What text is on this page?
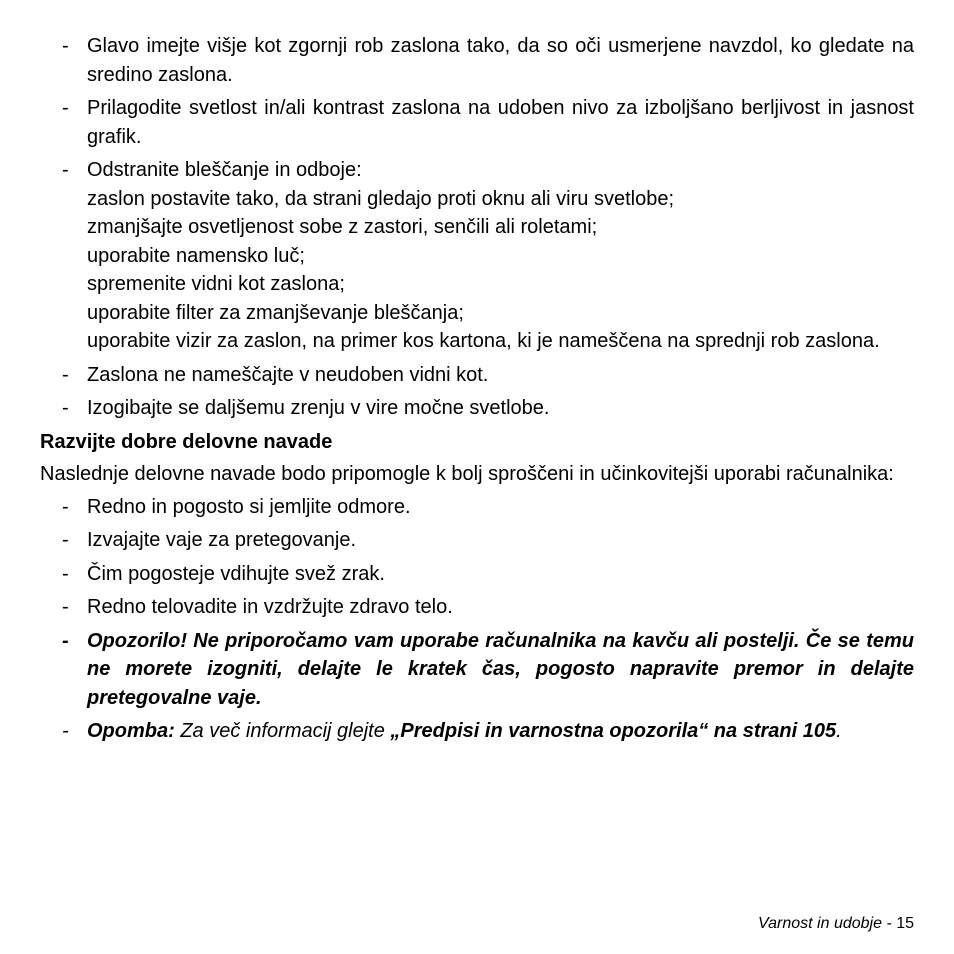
- Glavo imejte višje kot zgornji rob zaslona tako, da so oči usmerjene navzdol, ko gledate na sredino zaslona.
- Prilagodite svetlost in/ali kontrast zaslona na udoben nivo za izboljšano berljivost in jasnost grafik.
- Odstranite bleščanje in odboje:
zaslon postavite tako, da strani gledajo proti oknu ali viru svetlobe;
zmanjšajte osvetljenost sobe z zastori, senčili ali roletami;
uporabite namensko luč;
spremenite vidni kot zaslona;
uporabite filter za zmanjševanje bleščanja;
uporabite vizir za zaslon, na primer kos kartona, ki je nameščena na sprednji rob zaslona.
- Zaslona ne nameščajte v neudoben vidni kot.
- Izogibajte se daljšemu zrenju v vire močne svetlobe.
Razvijte dobre delovne navade
Naslednje delovne navade bodo pripomogle k bolj sproščeni in učinkovitejši uporabi računalnika:
- Redno in pogosto si jemljite odmore.
- Izvajajte vaje za pretegovanje.
- Čim pogosteje vdihujte svež zrak.
- Redno telovadite in vzdržujte zdravo telo.
- Opozorilo! Ne priporočamo vam uporabe računalnika na kavču ali postelji. Če se temu ne morete izogniti, delajte le kratek čas, pogosto napravite premor in delajte pretegovalne vaje.
- Opomba: Za več informacij glejte „Predpisi in varnostna opozorila“ na strani 105.
Varnost in udobje - 15
